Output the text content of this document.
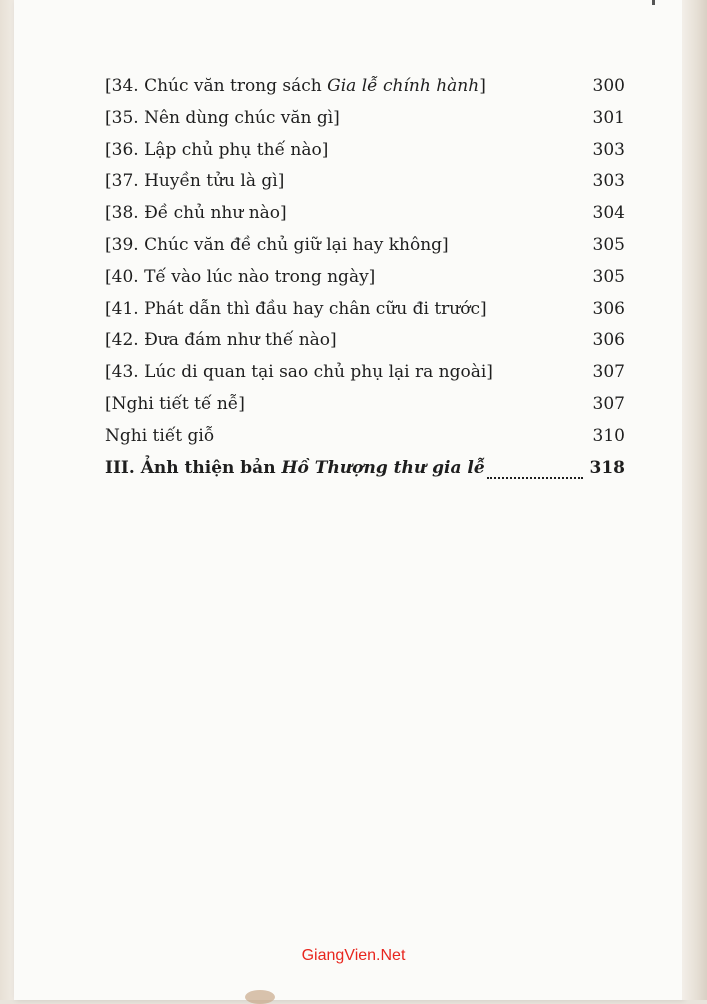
[34. Chúc văn trong sách Gia lễ chính hành]	300
[35. Nên dùng chúc văn gì]	301
[36. Lập chủ phụ thế nào]	303
[37. Huyền tửu là gì]	303
[38. Đề chủ như nào]	304
[39. Chúc văn đề chủ giữ lại hay không]	305
[40. Tế vào lúc nào trong ngày]	305
[41. Phát dẫn thì đầu hay chân cữu đi trước]	306
[42. Đưa đám như thế nào]	306
[43. Lúc di quan tại sao chủ phụ lại ra ngoài]	307
[Nghi tiết tế nễ]	307
Nghi tiết giỗ	310
III. Ảnh thiện bản Hồ Thượng thư gia lễ	318
GiangVien.Net
